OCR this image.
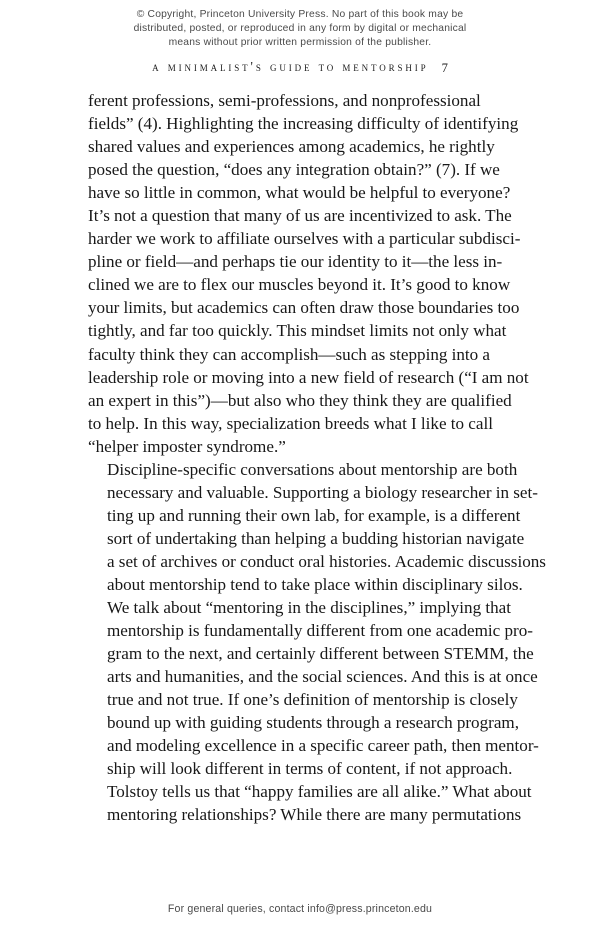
© Copyright, Princeton University Press. No part of this book may be
distributed, posted, or reproduced in any form by digital or mechanical
means without prior written permission of the publisher.
a minimalist's guide to mentorship 7

ferent professions, semi-professions, and nonprofessional
fields” (4). Highlighting the increasing difficulty of identifying
shared values and experiences among academics, he rightly
posed the question, “does any integration obtain?” (7). If we
have so little in common, what would be helpful to everyone?
It’s not a question that many of us are incentivized to ask. The
harder we work to affiliate ourselves with a particular subdisci-
pline or field—and perhaps tie our identity to it—the less in-
clined we are to flex our muscles beyond it. It’s good to know
your limits, but academics can often draw those boundaries too
tightly, and far too quickly. This mindset limits not only what
faculty think they can accomplish—such as stepping into a
leadership role or moving into a new field of research (“I am not
an expert in this”)—but also who they think they are qualified
to help. In this way, specialization breeds what I like to call
“helper imposter syndrome.”

Discipline-specific conversations about mentorship are both
necessary and valuable. Supporting a biology researcher in set-
ting up and running their own lab, for example, is a different
sort of undertaking than helping a budding historian navigate
a set of archives or conduct oral histories. Academic discussions
about mentorship tend to take place within disciplinary silos.
We talk about “mentoring in the disciplines,” implying that
mentorship is fundamentally different from one academic pro-
gram to the next, and certainly different between STEMM, the
arts and humanities, and the social sciences. And this is at once
true and not true. If one’s definition of mentorship is closely
bound up with guiding students through a research program,
and modeling excellence in a specific career path, then mentor-
ship will look different in terms of content, if not approach.
Tolstoy tells us that “happy families are all alike.” What about
mentoring relationships? While there are many permutations

For general queries, contact info@press.princeton.edu
